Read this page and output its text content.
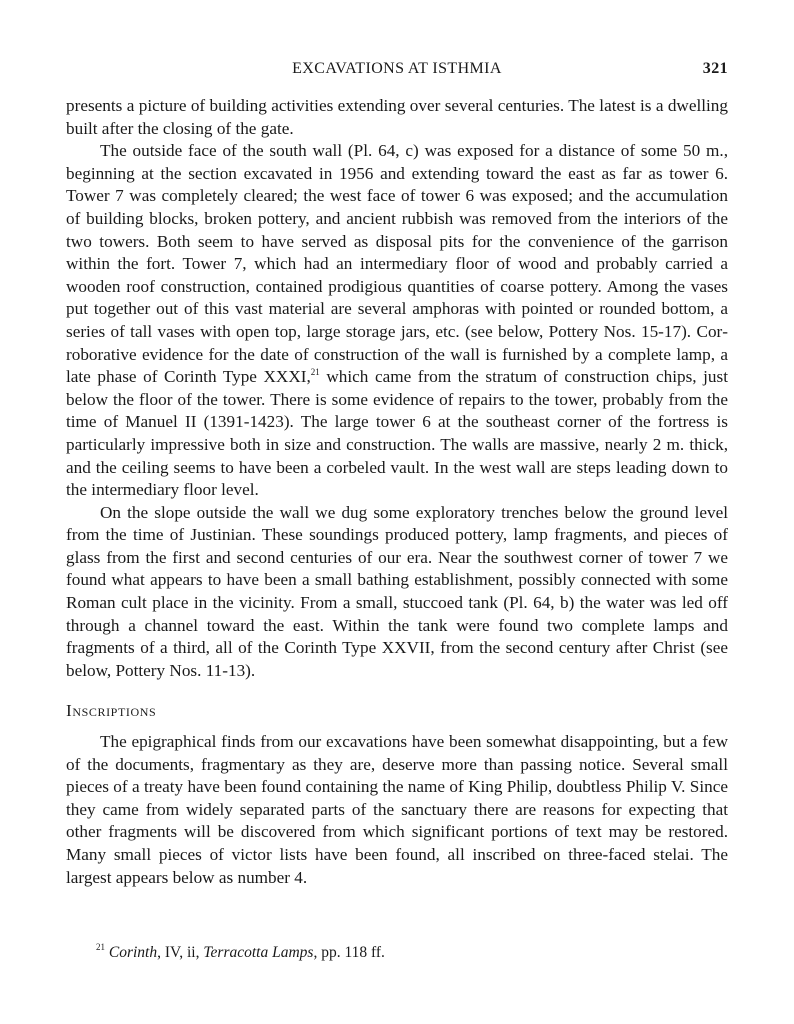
EXCAVATIONS AT ISTHMIA	321

presents a picture of building activities extending over several centuries. The latest is a dwelling built after the closing of the gate.

The outside face of the south wall (Pl. 64, c) was exposed for a distance of some 50 m., beginning at the section excavated in 1956 and extending toward the east as far as tower 6. Tower 7 was completely cleared; the west face of tower 6 was exposed; and the accumulation of building blocks, broken pottery, and ancient rubbish was removed from the interiors of the two towers. Both seem to have served as disposal pits for the convenience of the garrison within the fort. Tower 7, which had an intermediary floor of wood and probably carried a wooden roof construction, contained prodigious quantities of coarse pottery. Among the vases put together out of this vast material are several amphoras with pointed or rounded bottom, a series of tall vases with open top, large storage jars, etc. (see below, Pottery Nos. 15-17). Corroborative evidence for the date of construction of the wall is furnished by a complete lamp, a late phase of Corinth Type XXXI,$^{21}$ which came from the stratum of construction chips, just below the floor of the tower. There is some evidence of repairs to the tower, probably from the time of Manuel II (1391-1423). The large tower 6 at the southeast corner of the fortress is particularly impressive both in size and construction. The walls are massive, nearly 2 m. thick, and the ceiling seems to have been a corbeled vault. In the west wall are steps leading down to the intermediary floor level.

On the slope outside the wall we dug some exploratory trenches below the ground level from the time of Justinian. These soundings produced pottery, lamp fragments, and pieces of glass from the first and second centuries of our era. Near the southwest corner of tower 7 we found what appears to have been a small bathing establishment, possibly connected with some Roman cult place in the vicinity. From a small, stuccoed tank (Pl. 64, b) the water was led off through a channel toward the east. Within the tank were found two complete lamps and fragments of a third, all of the Corinth Type XXVII, from the second century after Christ (see below, Pottery Nos. 11-13).

Inscriptions

The epigraphical finds from our excavations have been somewhat disappointing, but a few of the documents, fragmentary as they are, deserve more than passing notice. Several small pieces of a treaty have been found containing the name of King Philip, doubtless Philip V. Since they came from widely separated parts of the sanctuary there are reasons for expecting that other fragments will be discovered from which significant portions of text may be restored. Many small pieces of victor lists have been found, all inscribed on three-faced stelai. The largest appears below as number 4.

$^{21}$ Corinth, IV, ii, Terracotta Lamps, pp. 118 ff.
